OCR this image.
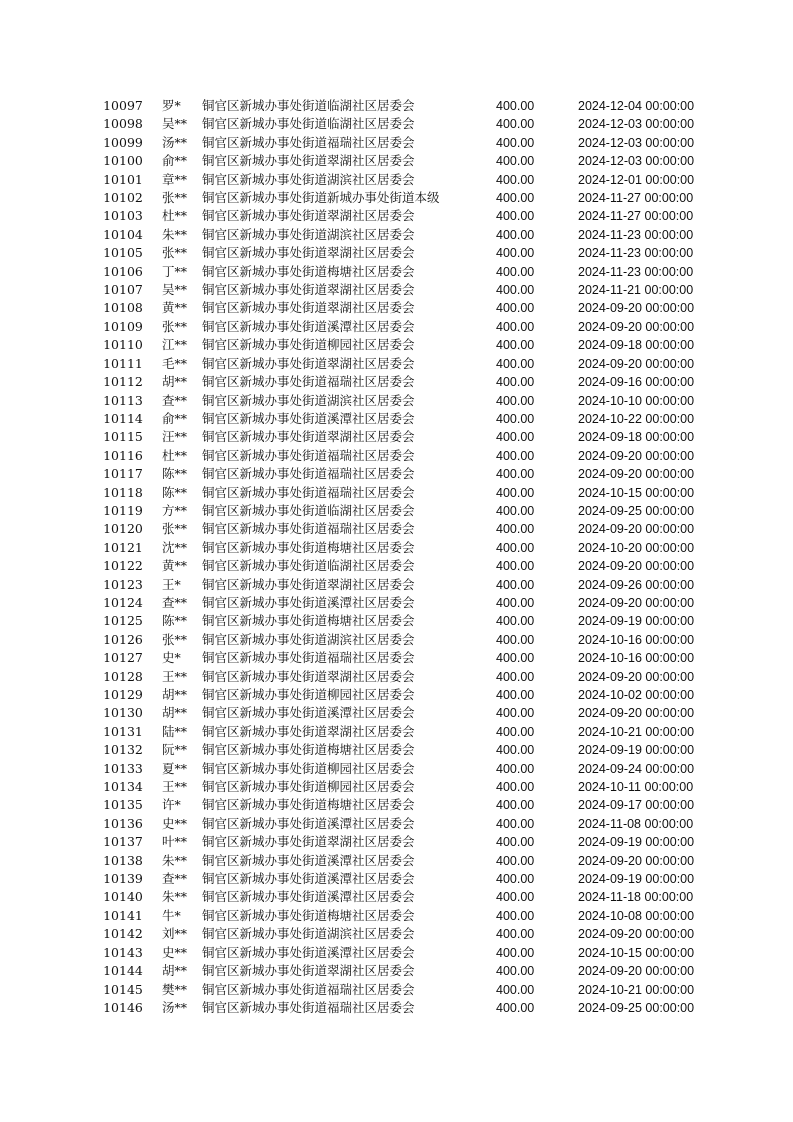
10097	罗*	铜官区新城办事处街道临湖社区居委会	400.00	2024-12-04 00:00:00
10098	吴**	铜官区新城办事处街道临湖社区居委会	400.00	2024-12-03 00:00:00
10099	汤**	铜官区新城办事处街道福瑞社区居委会	400.00	2024-12-03 00:00:00
10100	俞**	铜官区新城办事处街道翠湖社区居委会	400.00	2024-12-03 00:00:00
10101	章**	铜官区新城办事处街道湖滨社区居委会	400.00	2024-12-01 00:00:00
10102	张**	铜官区新城办事处街道新城办事处街道本级	400.00	2024-11-27 00:00:00
10103	杜**	铜官区新城办事处街道翠湖社区居委会	400.00	2024-11-27 00:00:00
10104	朱**	铜官区新城办事处街道湖滨社区居委会	400.00	2024-11-23 00:00:00
10105	张**	铜官区新城办事处街道翠湖社区居委会	400.00	2024-11-23 00:00:00
10106	丁**	铜官区新城办事处街道梅塘社区居委会	400.00	2024-11-23 00:00:00
10107	吴**	铜官区新城办事处街道翠湖社区居委会	400.00	2024-11-21 00:00:00
10108	黄**	铜官区新城办事处街道翠湖社区居委会	400.00	2024-09-20 00:00:00
10109	张**	铜官区新城办事处街道溪潭社区居委会	400.00	2024-09-20 00:00:00
10110	江**	铜官区新城办事处街道柳园社区居委会	400.00	2024-09-18 00:00:00
10111	毛**	铜官区新城办事处街道翠湖社区居委会	400.00	2024-09-20 00:00:00
10112	胡**	铜官区新城办事处街道福瑞社区居委会	400.00	2024-09-16 00:00:00
10113	查**	铜官区新城办事处街道湖滨社区居委会	400.00	2024-10-10 00:00:00
10114	俞**	铜官区新城办事处街道溪潭社区居委会	400.00	2024-10-22 00:00:00
10115	汪**	铜官区新城办事处街道翠湖社区居委会	400.00	2024-09-18 00:00:00
10116	杜**	铜官区新城办事处街道福瑞社区居委会	400.00	2024-09-20 00:00:00
10117	陈**	铜官区新城办事处街道福瑞社区居委会	400.00	2024-09-20 00:00:00
10118	陈**	铜官区新城办事处街道福瑞社区居委会	400.00	2024-10-15 00:00:00
10119	方**	铜官区新城办事处街道临湖社区居委会	400.00	2024-09-25 00:00:00
10120	张**	铜官区新城办事处街道福瑞社区居委会	400.00	2024-09-20 00:00:00
10121	沈**	铜官区新城办事处街道梅塘社区居委会	400.00	2024-10-20 00:00:00
10122	黄**	铜官区新城办事处街道临湖社区居委会	400.00	2024-09-20 00:00:00
10123	王*	铜官区新城办事处街道翠湖社区居委会	400.00	2024-09-26 00:00:00
10124	查**	铜官区新城办事处街道溪潭社区居委会	400.00	2024-09-20 00:00:00
10125	陈**	铜官区新城办事处街道梅塘社区居委会	400.00	2024-09-19 00:00:00
10126	张**	铜官区新城办事处街道湖滨社区居委会	400.00	2024-10-16 00:00:00
10127	史*	铜官区新城办事处街道福瑞社区居委会	400.00	2024-10-16 00:00:00
10128	王**	铜官区新城办事处街道翠湖社区居委会	400.00	2024-09-20 00:00:00
10129	胡**	铜官区新城办事处街道柳园社区居委会	400.00	2024-10-02 00:00:00
10130	胡**	铜官区新城办事处街道溪潭社区居委会	400.00	2024-09-20 00:00:00
10131	陆**	铜官区新城办事处街道翠湖社区居委会	400.00	2024-10-21 00:00:00
10132	阮**	铜官区新城办事处街道梅塘社区居委会	400.00	2024-09-19 00:00:00
10133	夏**	铜官区新城办事处街道柳园社区居委会	400.00	2024-09-24 00:00:00
10134	王**	铜官区新城办事处街道柳园社区居委会	400.00	2024-10-11 00:00:00
10135	许*	铜官区新城办事处街道梅塘社区居委会	400.00	2024-09-17 00:00:00
10136	史**	铜官区新城办事处街道溪潭社区居委会	400.00	2024-11-08 00:00:00
10137	叶**	铜官区新城办事处街道翠湖社区居委会	400.00	2024-09-19 00:00:00
10138	朱**	铜官区新城办事处街道溪潭社区居委会	400.00	2024-09-20 00:00:00
10139	查**	铜官区新城办事处街道溪潭社区居委会	400.00	2024-09-19 00:00:00
10140	朱**	铜官区新城办事处街道溪潭社区居委会	400.00	2024-11-18 00:00:00
10141	牛*	铜官区新城办事处街道梅塘社区居委会	400.00	2024-10-08 00:00:00
10142	刘**	铜官区新城办事处街道湖滨社区居委会	400.00	2024-09-20 00:00:00
10143	史**	铜官区新城办事处街道溪潭社区居委会	400.00	2024-10-15 00:00:00
10144	胡**	铜官区新城办事处街道翠湖社区居委会	400.00	2024-09-20 00:00:00
10145	樊**	铜官区新城办事处街道福瑞社区居委会	400.00	2024-10-21 00:00:00
10146	汤**	铜官区新城办事处街道福瑞社区居委会	400.00	2024-09-25 00:00:00
